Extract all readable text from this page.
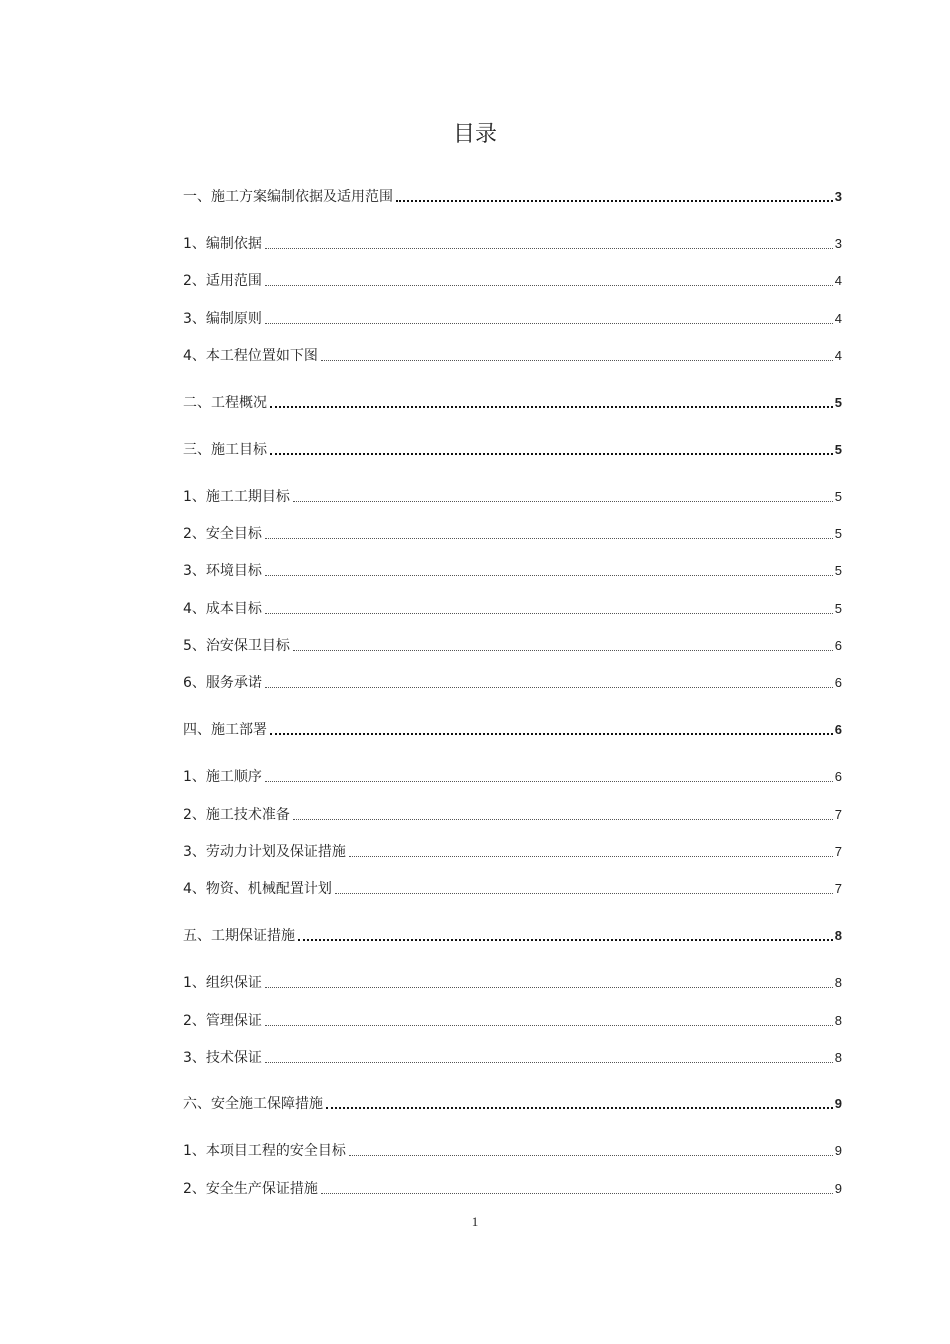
目录
一、施工方案编制依据及适用范围	3
1、编制依据	3
2、适用范围	4
3、编制原则	4
4、本工程位置如下图	4
二、工程概况	5
三、施工目标	5
1、施工工期目标	5
2、安全目标	5
3、环境目标	5
4、成本目标	5
5、治安保卫目标	6
6、服务承诺	6
四、施工部署	6
1、施工顺序	6
2、施工技术准备	7
3、劳动力计划及保证措施	7
4、物资、机械配置计划	7
五、工期保证措施	8
1、组织保证	8
2、管理保证	8
3、技术保证	8
六、安全施工保障措施	9
1、本项目工程的安全目标	9
2、安全生产保证措施	9
1
